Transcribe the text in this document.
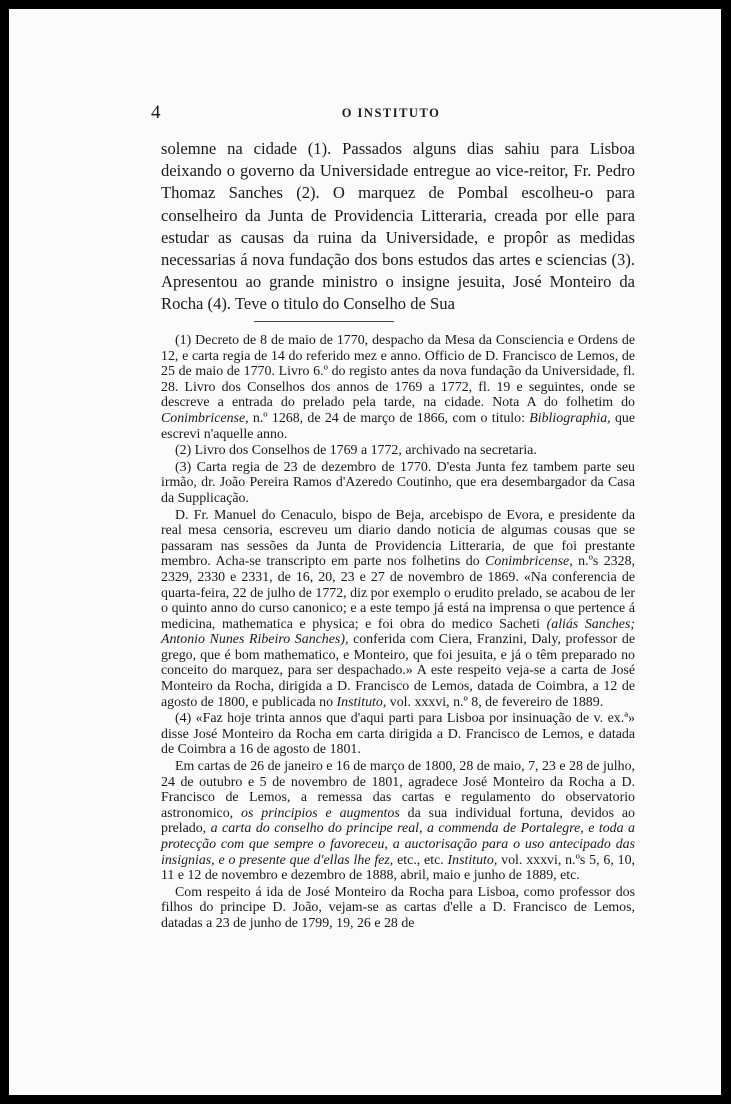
4	O INSTITUTO

solemne na cidade (1). Passados alguns dias sahiu para Lisboa deixando o governo da Universidade entregue ao vice-reitor, Fr. Pedro Thomaz Sanches (2). O marquez de Pombal escolheu-o para conselheiro da Junta de Providencia Litteraria, creada por elle para estudar as causas da ruina da Universidade, e propôr as medidas necessarias á nova fundação dos bons estudos das artes e sciencias (3). Apresentou ao grande ministro o insigne jesuita, José Monteiro da Rocha (4). Teve o titulo do Conselho de Sua

(1) Decreto de 8 de maio de 1770, despacho da Mesa da Consciencia e Ordens de 12, e carta regia de 14 do referido mez e anno. Officio de D. Francisco de Lemos, de 25 de maio de 1770. Livro 6.º do registo antes da nova fundação da Universidade, fl. 28. Livro dos Conselhos dos annos de 1769 a 1772, fl. 19 e seguintes, onde se descreve a entrada do prelado pela tarde, na cidade. Nota A do folhetim do Conimbricense, n.º 1268, de 24 de março de 1866, com o titulo: Bibliographia, que escrevi n'aquelle anno.

(2) Livro dos Conselhos de 1769 a 1772, archivado na secretaria.

(3) Carta regia de 23 de dezembro de 1770. D'esta Junta fez tambem parte seu irmão, dr. João Pereira Ramos d'Azeredo Coutinho, que era desembargador da Casa da Supplicação.

D. Fr. Manuel do Cenaculo, bispo de Beja, arcebispo de Evora, e presidente da real mesa censoria, escreveu um diario dando noticia de algumas cousas que se passaram nas sessões da Junta de Providencia Litteraria, de que foi prestante membro. Acha-se transcripto em parte nos folhetins do Conimbricense, n.ºs 2328, 2329, 2330 e 2331, de 16, 20, 23 e 27 de novembro de 1869. «Na conferencia de quarta-feira, 22 de julho de 1772, diz por exemplo o erudito prelado, se acabou de ler o quinto anno do curso canonico; e a este tempo já está na imprensa o que pertence á medicina, mathematica e physica; e foi obra do medico Sacheti (aliás Sanches; Antonio Nunes Ribeiro Sanches), conferida com Ciera, Franzini, Daly, professor de grego, que é bom mathematico, e Monteiro, que foi jesuita, e já o têm preparado no conceito do marquez, para ser despachado.» A este respeito veja-se a carta de José Monteiro da Rocha, dirigida a D. Francisco de Lemos, datada de Coimbra, a 12 de agosto de 1800, e publicada no Instituto, vol. xxxvi, n.º 8, de fevereiro de 1889.

(4) «Faz hoje trinta annos que d'aqui parti para Lisboa por insinuação de v. ex.ª» disse José Monteiro da Rocha em carta dirigida a D. Francisco de Lemos, e datada de Coimbra a 16 de agosto de 1801.

Em cartas de 26 de janeiro e 16 de março de 1800, 28 de maio, 7, 23 e 28 de julho, 24 de outubro e 5 de novembro de 1801, agradece José Monteiro da Rocha a D. Francisco de Lemos, a remessa das cartas e regulamento do observatorio astronomico, os principios e augmentos da sua individual fortuna, devidos ao prelado, a carta do conselho do principe real, a commenda de Portalegre, e toda a protecção com que sempre o favoreceu, a auctorisação para o uso antecipado das insignias, e o presente que d'ellas lhe fez, etc., etc. Instituto, vol. xxxvi, n.ºs 5, 6, 10, 11 e 12 de novembro e dezembro de 1888, abril, maio e junho de 1889, etc.

Com respeito á ida de José Monteiro da Rocha para Lisboa, como professor dos filhos do principe D. João, vejam-se as cartas d'elle a D. Francisco de Lemos, datadas a 23 de junho de 1799, 19, 26 e 28 de
